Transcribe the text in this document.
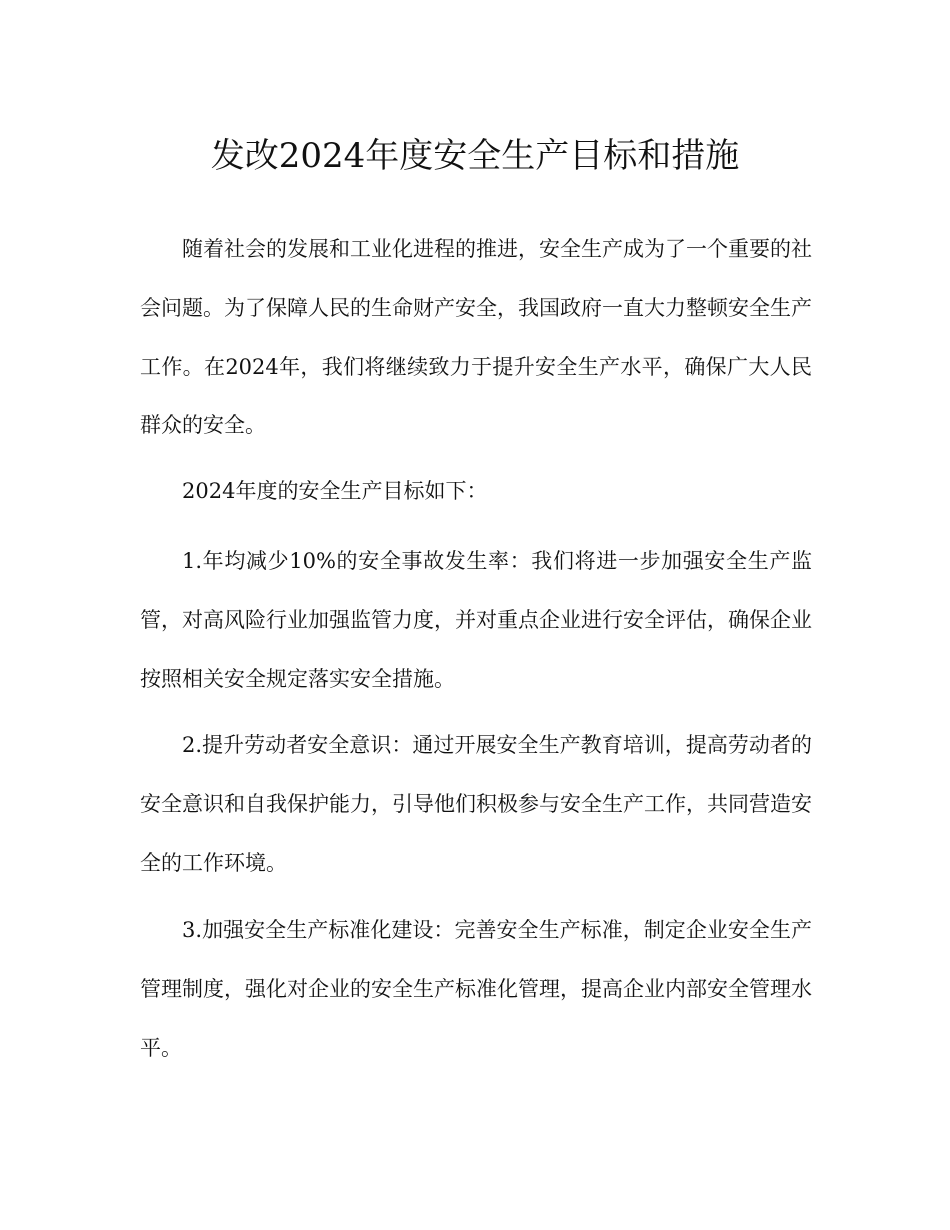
发改2024年度安全生产目标和措施

随着社会的发展和工业化进程的推进，安全生产成为了一个重要的社会问题。为了保障人民的生命财产安全，我国政府一直大力整顿安全生产工作。在2024年，我们将继续致力于提升安全生产水平，确保广大人民群众的安全。

2024年度的安全生产目标如下：

1.年均减少10%的安全事故发生率：我们将进一步加强安全生产监管，对高风险行业加强监管力度，并对重点企业进行安全评估，确保企业按照相关安全规定落实安全措施。

2.提升劳动者安全意识：通过开展安全生产教育培训，提高劳动者的安全意识和自我保护能力，引导他们积极参与安全生产工作，共同营造安全的工作环境。

3.加强安全生产标准化建设：完善安全生产标准，制定企业安全生产管理制度，强化对企业的安全生产标准化管理，提高企业内部安全管理水平。
